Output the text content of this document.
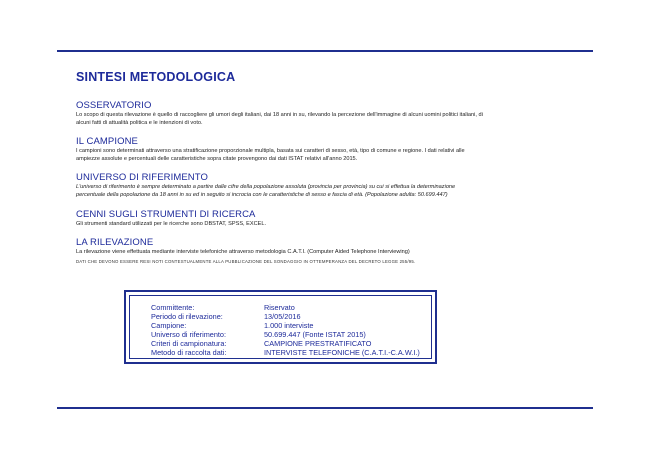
SINTESI METODOLOGICA
OSSERVATORIO
Lo scopo di questa rilevazione è quello di raccogliere gli umori degli italiani, dai 18 anni in su, rilevando la percezione dell'immagine di alcuni uomini politici italiani, di
alcuni fatti di attualità politica e le intenzioni di voto.
IL CAMPIONE
I campioni sono determinati attraverso una stratificazione proporzionale multipla, basata sui caratteri di sesso, età, tipo di comune e regione. I dati relativi alle
ampiezze assolute e percentuali delle caratteristiche sopra citate provengono dai dati ISTAT relativi all'anno 2015.
UNIVERSO DI RIFERIMENTO
L'universo di riferimento è sempre determinato a partire dalle cifre della popolazione assoluta (provincia per provincia) su cui si effettua la determinazione
percentuale della popolazione da 18 anni in su ed in seguito si incrocia con le caratteristiche di sesso e fascia di età. (Popolazione adulta: 50.699.447)
CENNI SUGLI STRUMENTI DI RICERCA
Gli strumenti standard utilizzati per le ricerche sono DBSTAT, SPSS, EXCEL.
LA RILEVAZIONE
La rilevazione viene effettuata mediante interviste telefoniche attraverso metodologia C.A.T.I. (Computer Aided Telephone Interviewing)
DATI CHE DEVONO ESSERE RESI NOTI CONTESTUALMENTE ALLA PUBBLICAZIONE DEL SONDAGGIO IN OTTEMPERANZA DEL DECRETO LEGGE 255/95.
Committente:	Riservato
Periodo di rilevazione:	13/05/2016
Campione:	1.000 interviste
Universo di riferimento:	50.699.447 (Fonte ISTAT 2015)
Criteri di campionatura:	CAMPIONE PRESTRATIFICATO
Metodo di raccolta dati:	INTERVISTE TELEFONICHE (C.A.T.I.-C.A.W.I.)
